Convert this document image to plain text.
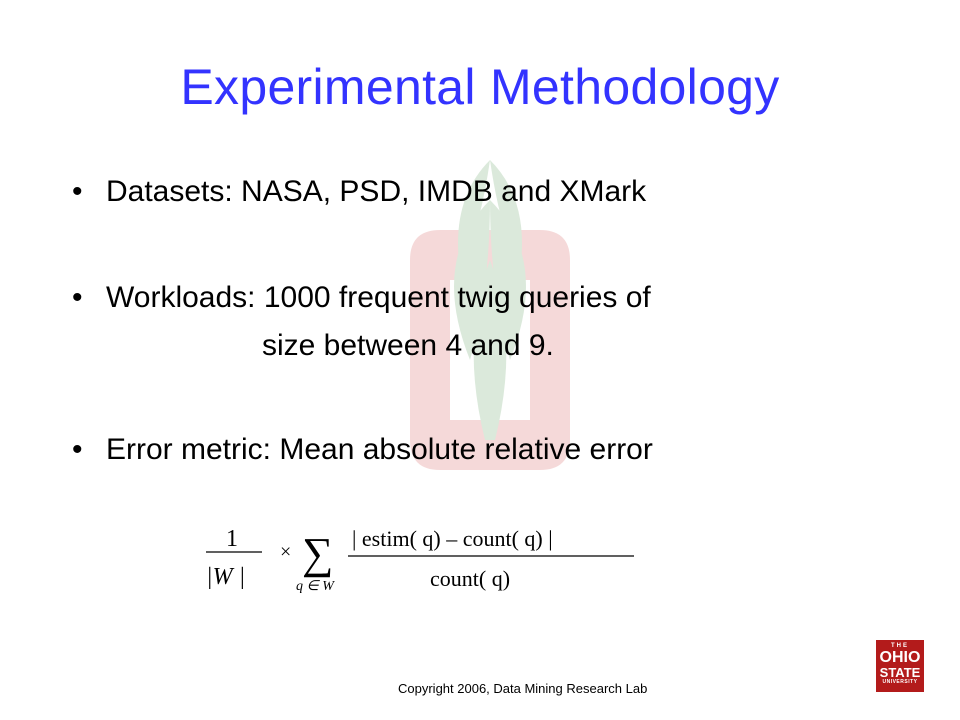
Experimental Methodology
• Datasets: NASA, PSD, IMDB and XMark
• Workloads: 1000 frequent twig queries of
size between 4 and 9.
• Error metric: Mean absolute relative error
1
|W |
× ∑
q ∈ W
| estim( q) – count( q) |
count( q)
Copyright 2006, Data Mining Research Lab
THE
OHIO
STATE
UNIVERSITY
